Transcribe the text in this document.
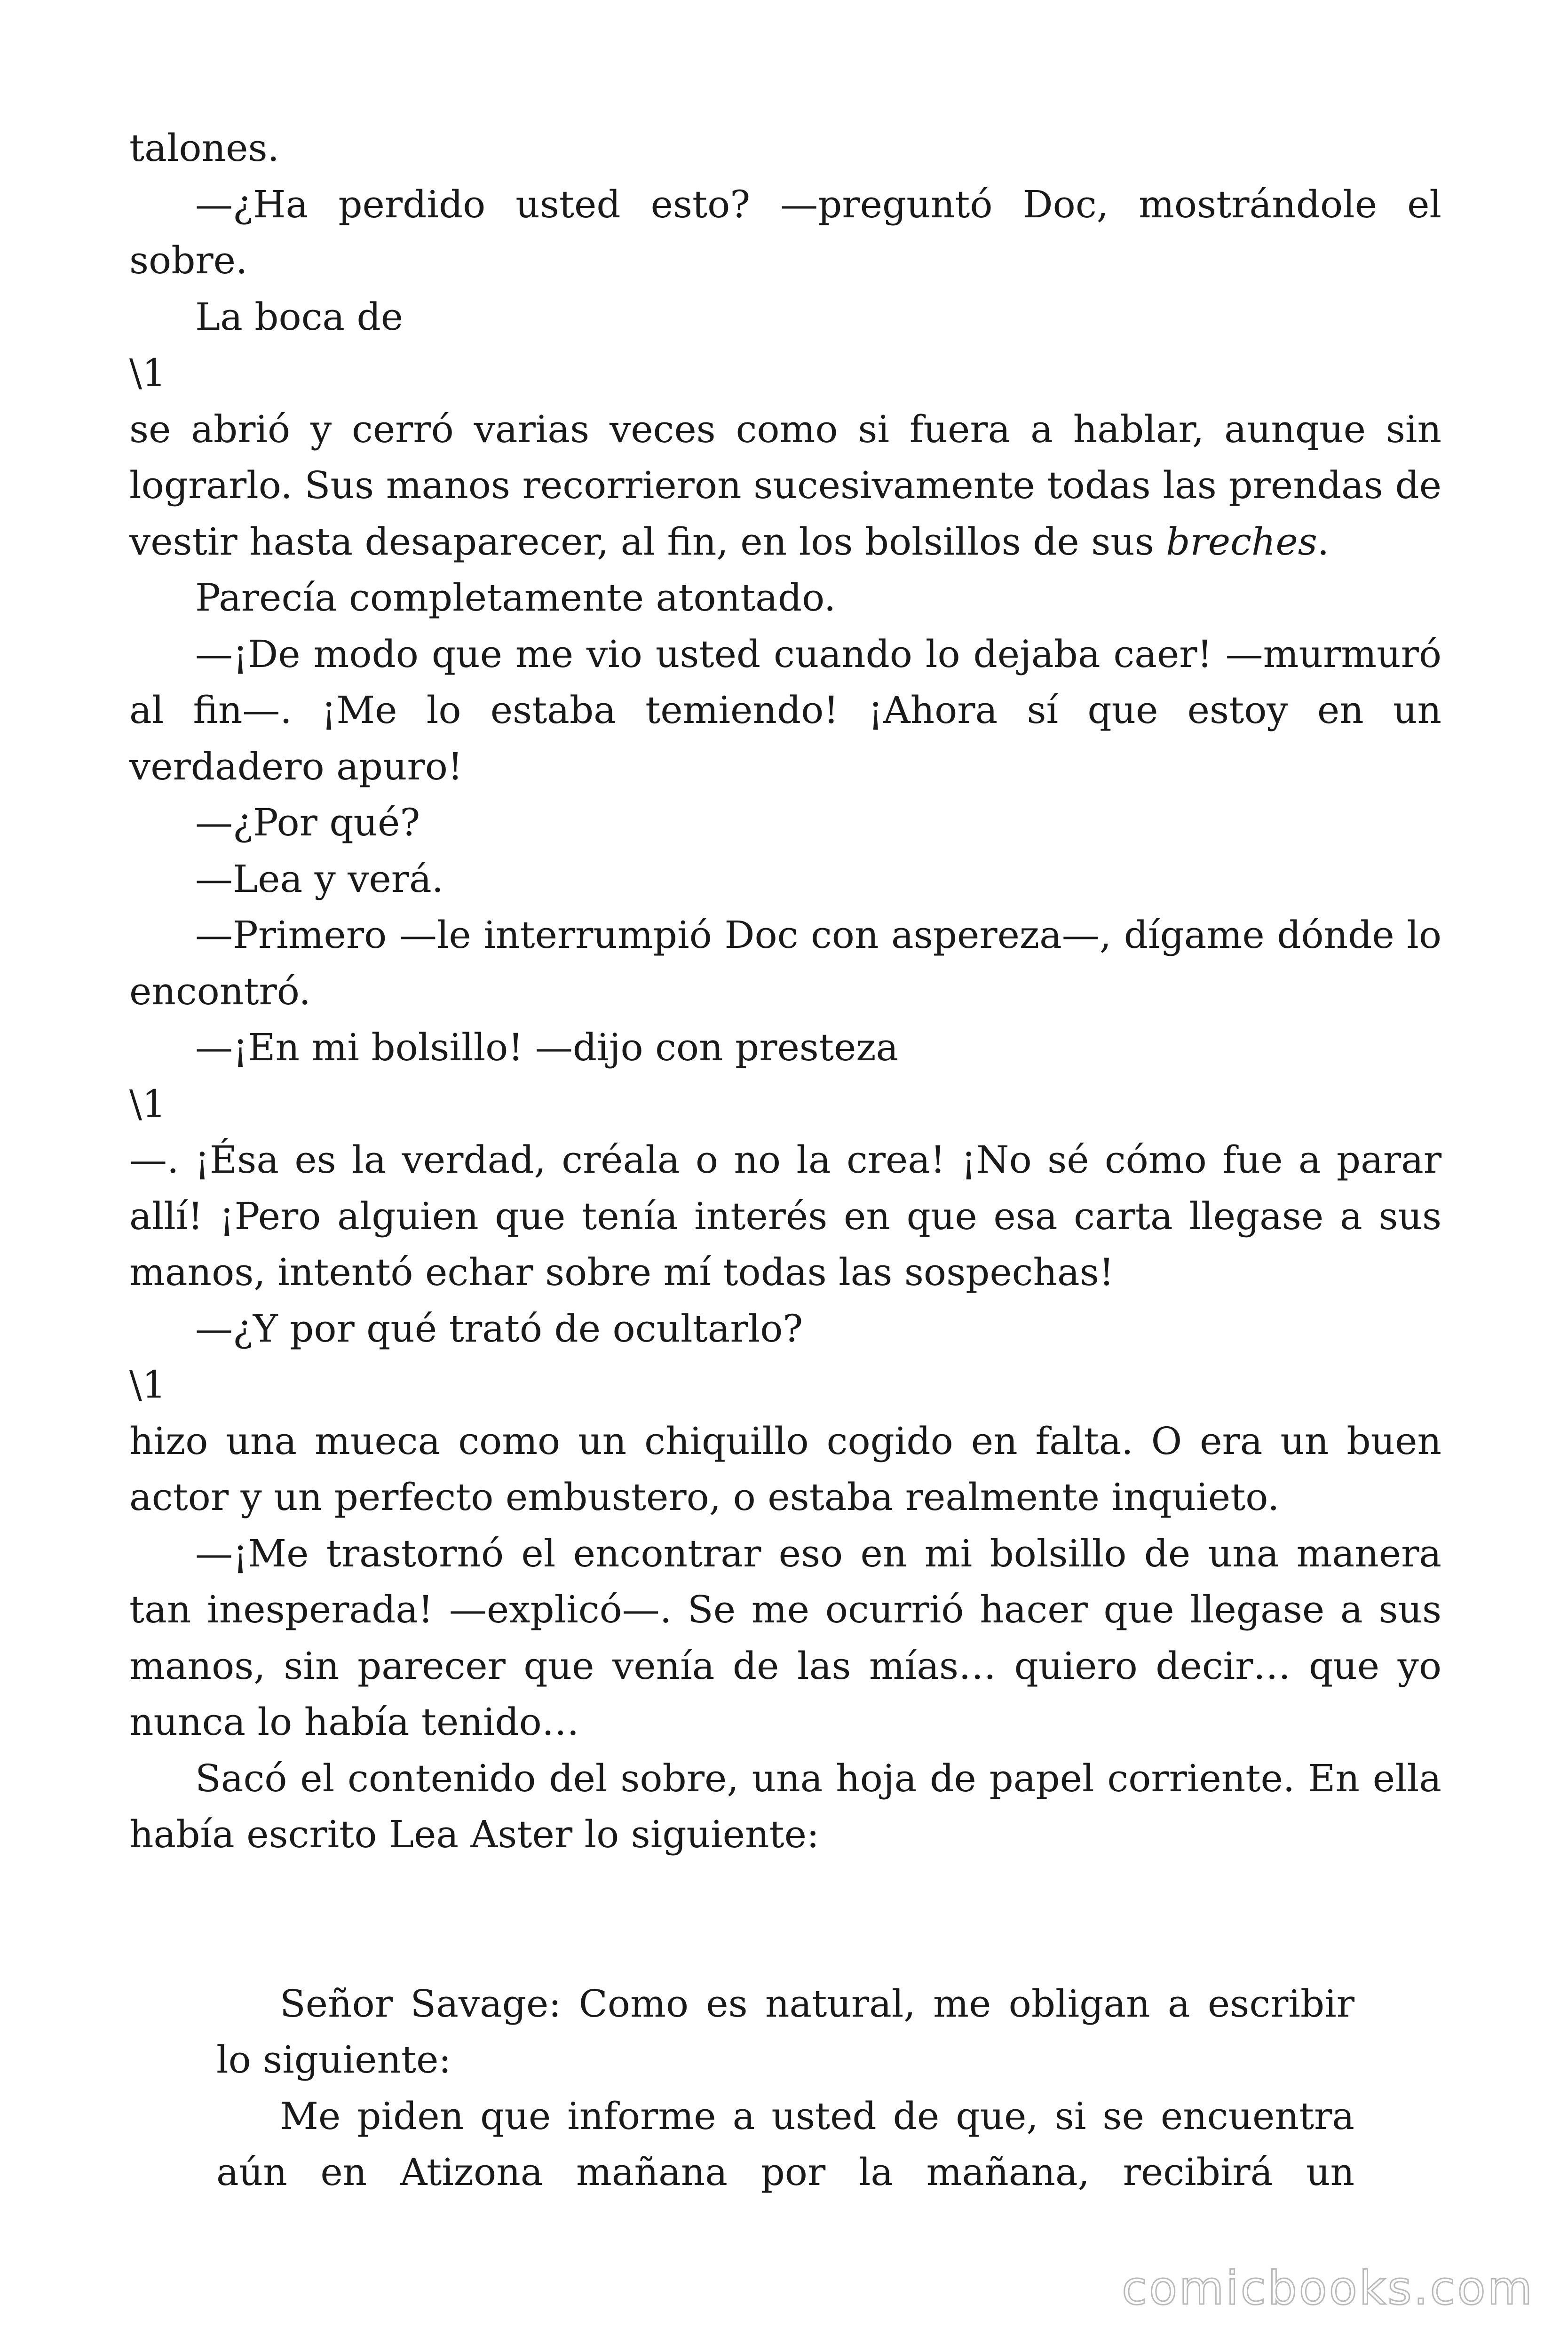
talones.

—¿Ha perdido usted esto? —preguntó Doc, mostrándole el sobre.

La boca de

\1

se abrió y cerró varias veces como si fuera a hablar, aunque sin lograrlo. Sus manos recorrieron sucesivamente todas las prendas de vestir hasta desaparecer, al fin, en los bolsillos de sus breches.

Parecía completamente atontado.

—¡De modo que me vio usted cuando lo dejaba caer! —murmuró al fin—. ¡Me lo estaba temiendo! ¡Ahora sí que estoy en un verdadero apuro!

—¿Por qué?

—Lea y verá.

—Primero —le interrumpió Doc con aspereza—, dígame dónde lo encontró.

—¡En mi bolsillo! —dijo con presteza

\1

—. ¡Ésa es la verdad, créala o no la crea! ¡No sé cómo fue a parar allí! ¡Pero alguien que tenía interés en que esa carta llegase a sus manos, intentó echar sobre mí todas las sospechas!

—¿Y por qué trató de ocultarlo?

\1

hizo una mueca como un chiquillo cogido en falta. O era un buen actor y un perfecto embustero, o estaba realmente inquieto.

—¡Me trastornó el encontrar eso en mi bolsillo de una manera tan inesperada! —explicó—. Se me ocurrió hacer que llegase a sus manos, sin parecer que venía de las mías… quiero decir… que yo nunca lo había tenido…

Sacó el contenido del sobre, una hoja de papel corriente. En ella había escrito Lea Aster lo siguiente:

Señor Savage: Como es natural, me obligan a escribir lo siguiente:

Me piden que informe a usted de que, si se encuentra aún en Atizona mañana por la mañana, recibirá un

comicbooks.com
